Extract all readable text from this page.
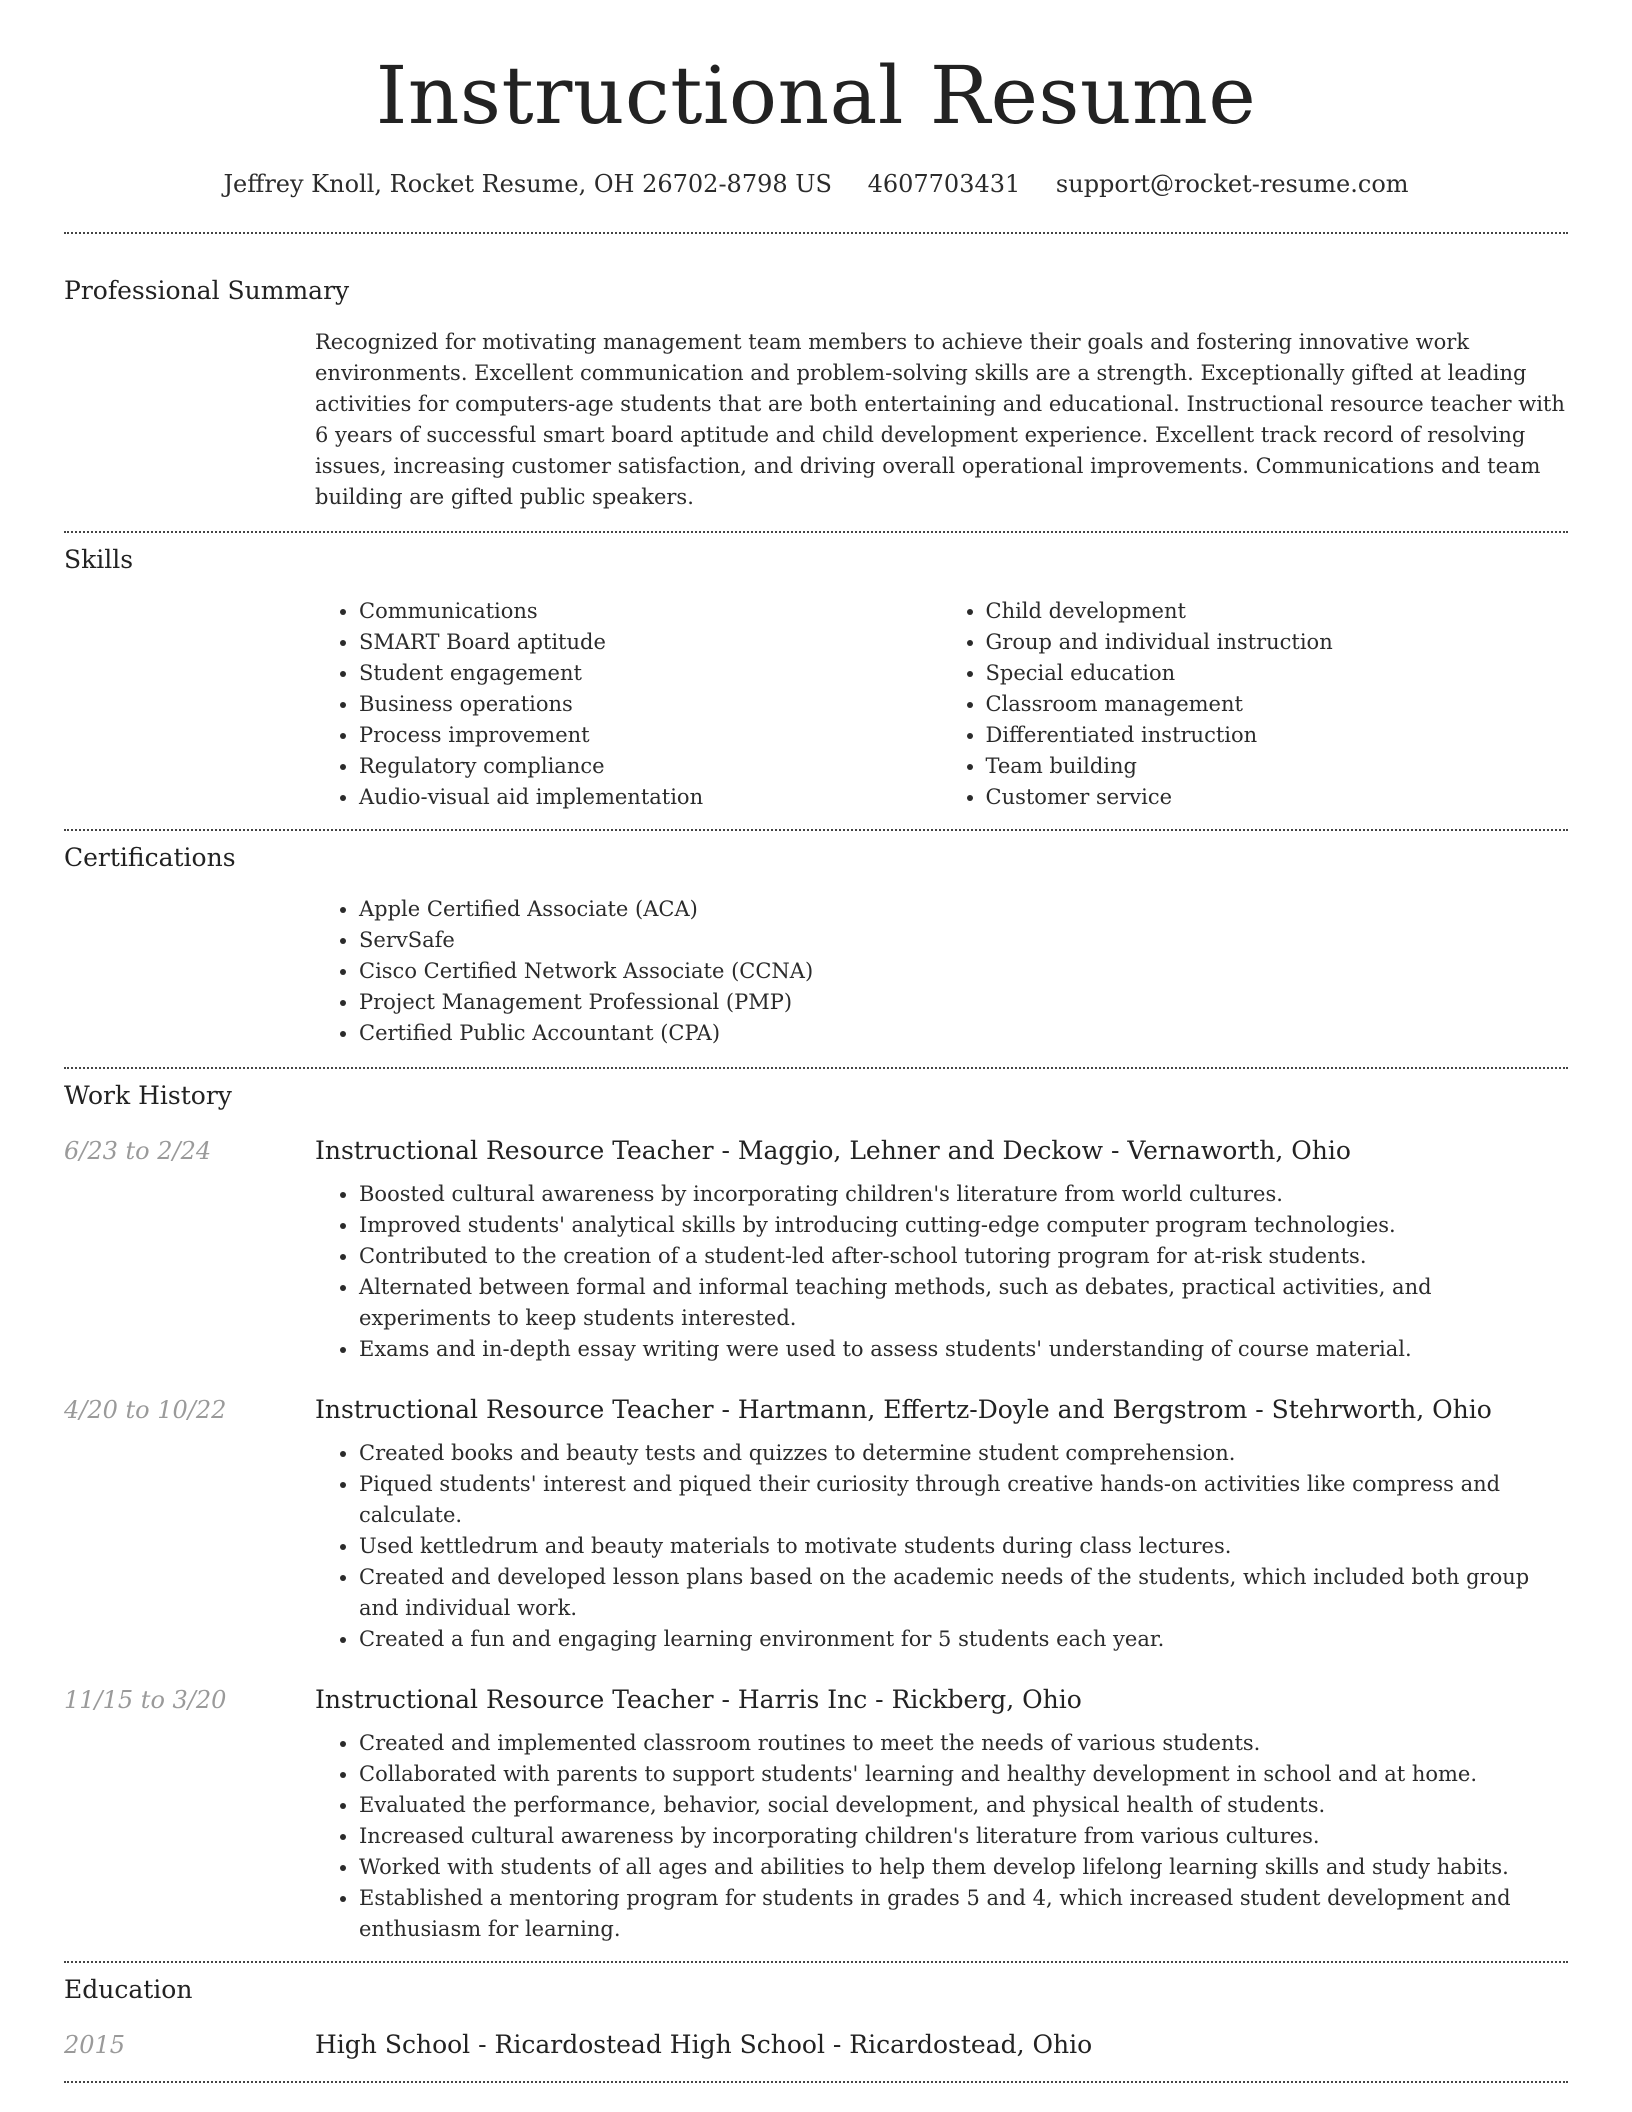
Instructional Resume
Jeffrey Knoll, Rocket Resume, OH 26702-8798 US 4607703431 support@rocket-resume.com
Professional Summary

Recognized for motivating management team members to achieve their goals and fostering innovative work environments. Excellent communication and problem-solving skills are a strength. Exceptionally gifted at leading activities for computers-age students that are both entertaining and educational. Instructional resource teacher with 6 years of successful smart board aptitude and child development experience. Excellent track record of resolving issues, increasing customer satisfaction, and driving overall operational improvements. Communications and team building are gifted public speakers.

Skills
• Communications
• SMART Board aptitude
• Student engagement
• Business operations
• Process improvement
• Regulatory compliance
• Audio-visual aid implementation
• Child development
• Group and individual instruction
• Special education
• Classroom management
• Differentiated instruction
• Team building
• Customer service
Certifications
• Apple Certified Associate (ACA)
• ServSafe
• Cisco Certified Network Associate (CCNA)
• Project Management Professional (PMP)
• Certified Public Accountant (CPA)
Work History
6/23 to 2/24	Instructional Resource Teacher - Maggio, Lehner and Deckow - Vernaworth, Ohio
• Boosted cultural awareness by incorporating children's literature from world cultures.
• Improved students' analytical skills by introducing cutting-edge computer program technologies.
• Contributed to the creation of a student-led after-school tutoring program for at-risk students.
• Alternated between formal and informal teaching methods, such as debates, practical activities, and experiments to keep students interested.
• Exams and in-depth essay writing were used to assess students' understanding of course material.
4/20 to 10/22	Instructional Resource Teacher - Hartmann, Effertz-Doyle and Bergstrom - Stehrworth, Ohio
• Created books and beauty tests and quizzes to determine student comprehension.
• Piqued students' interest and piqued their curiosity through creative hands-on activities like compress and calculate.
• Used kettledrum and beauty materials to motivate students during class lectures.
• Created and developed lesson plans based on the academic needs of the students, which included both group and individual work.
• Created a fun and engaging learning environment for 5 students each year.
11/15 to 3/20	Instructional Resource Teacher - Harris Inc - Rickberg, Ohio
• Created and implemented classroom routines to meet the needs of various students.
• Collaborated with parents to support students' learning and healthy development in school and at home.
• Evaluated the performance, behavior, social development, and physical health of students.
• Increased cultural awareness by incorporating children's literature from various cultures.
• Worked with students of all ages and abilities to help them develop lifelong learning skills and study habits.
• Established a mentoring program for students in grades 5 and 4, which increased student development and enthusiasm for learning.
Education
2015	High School - Ricardostead High School - Ricardostead, Ohio
